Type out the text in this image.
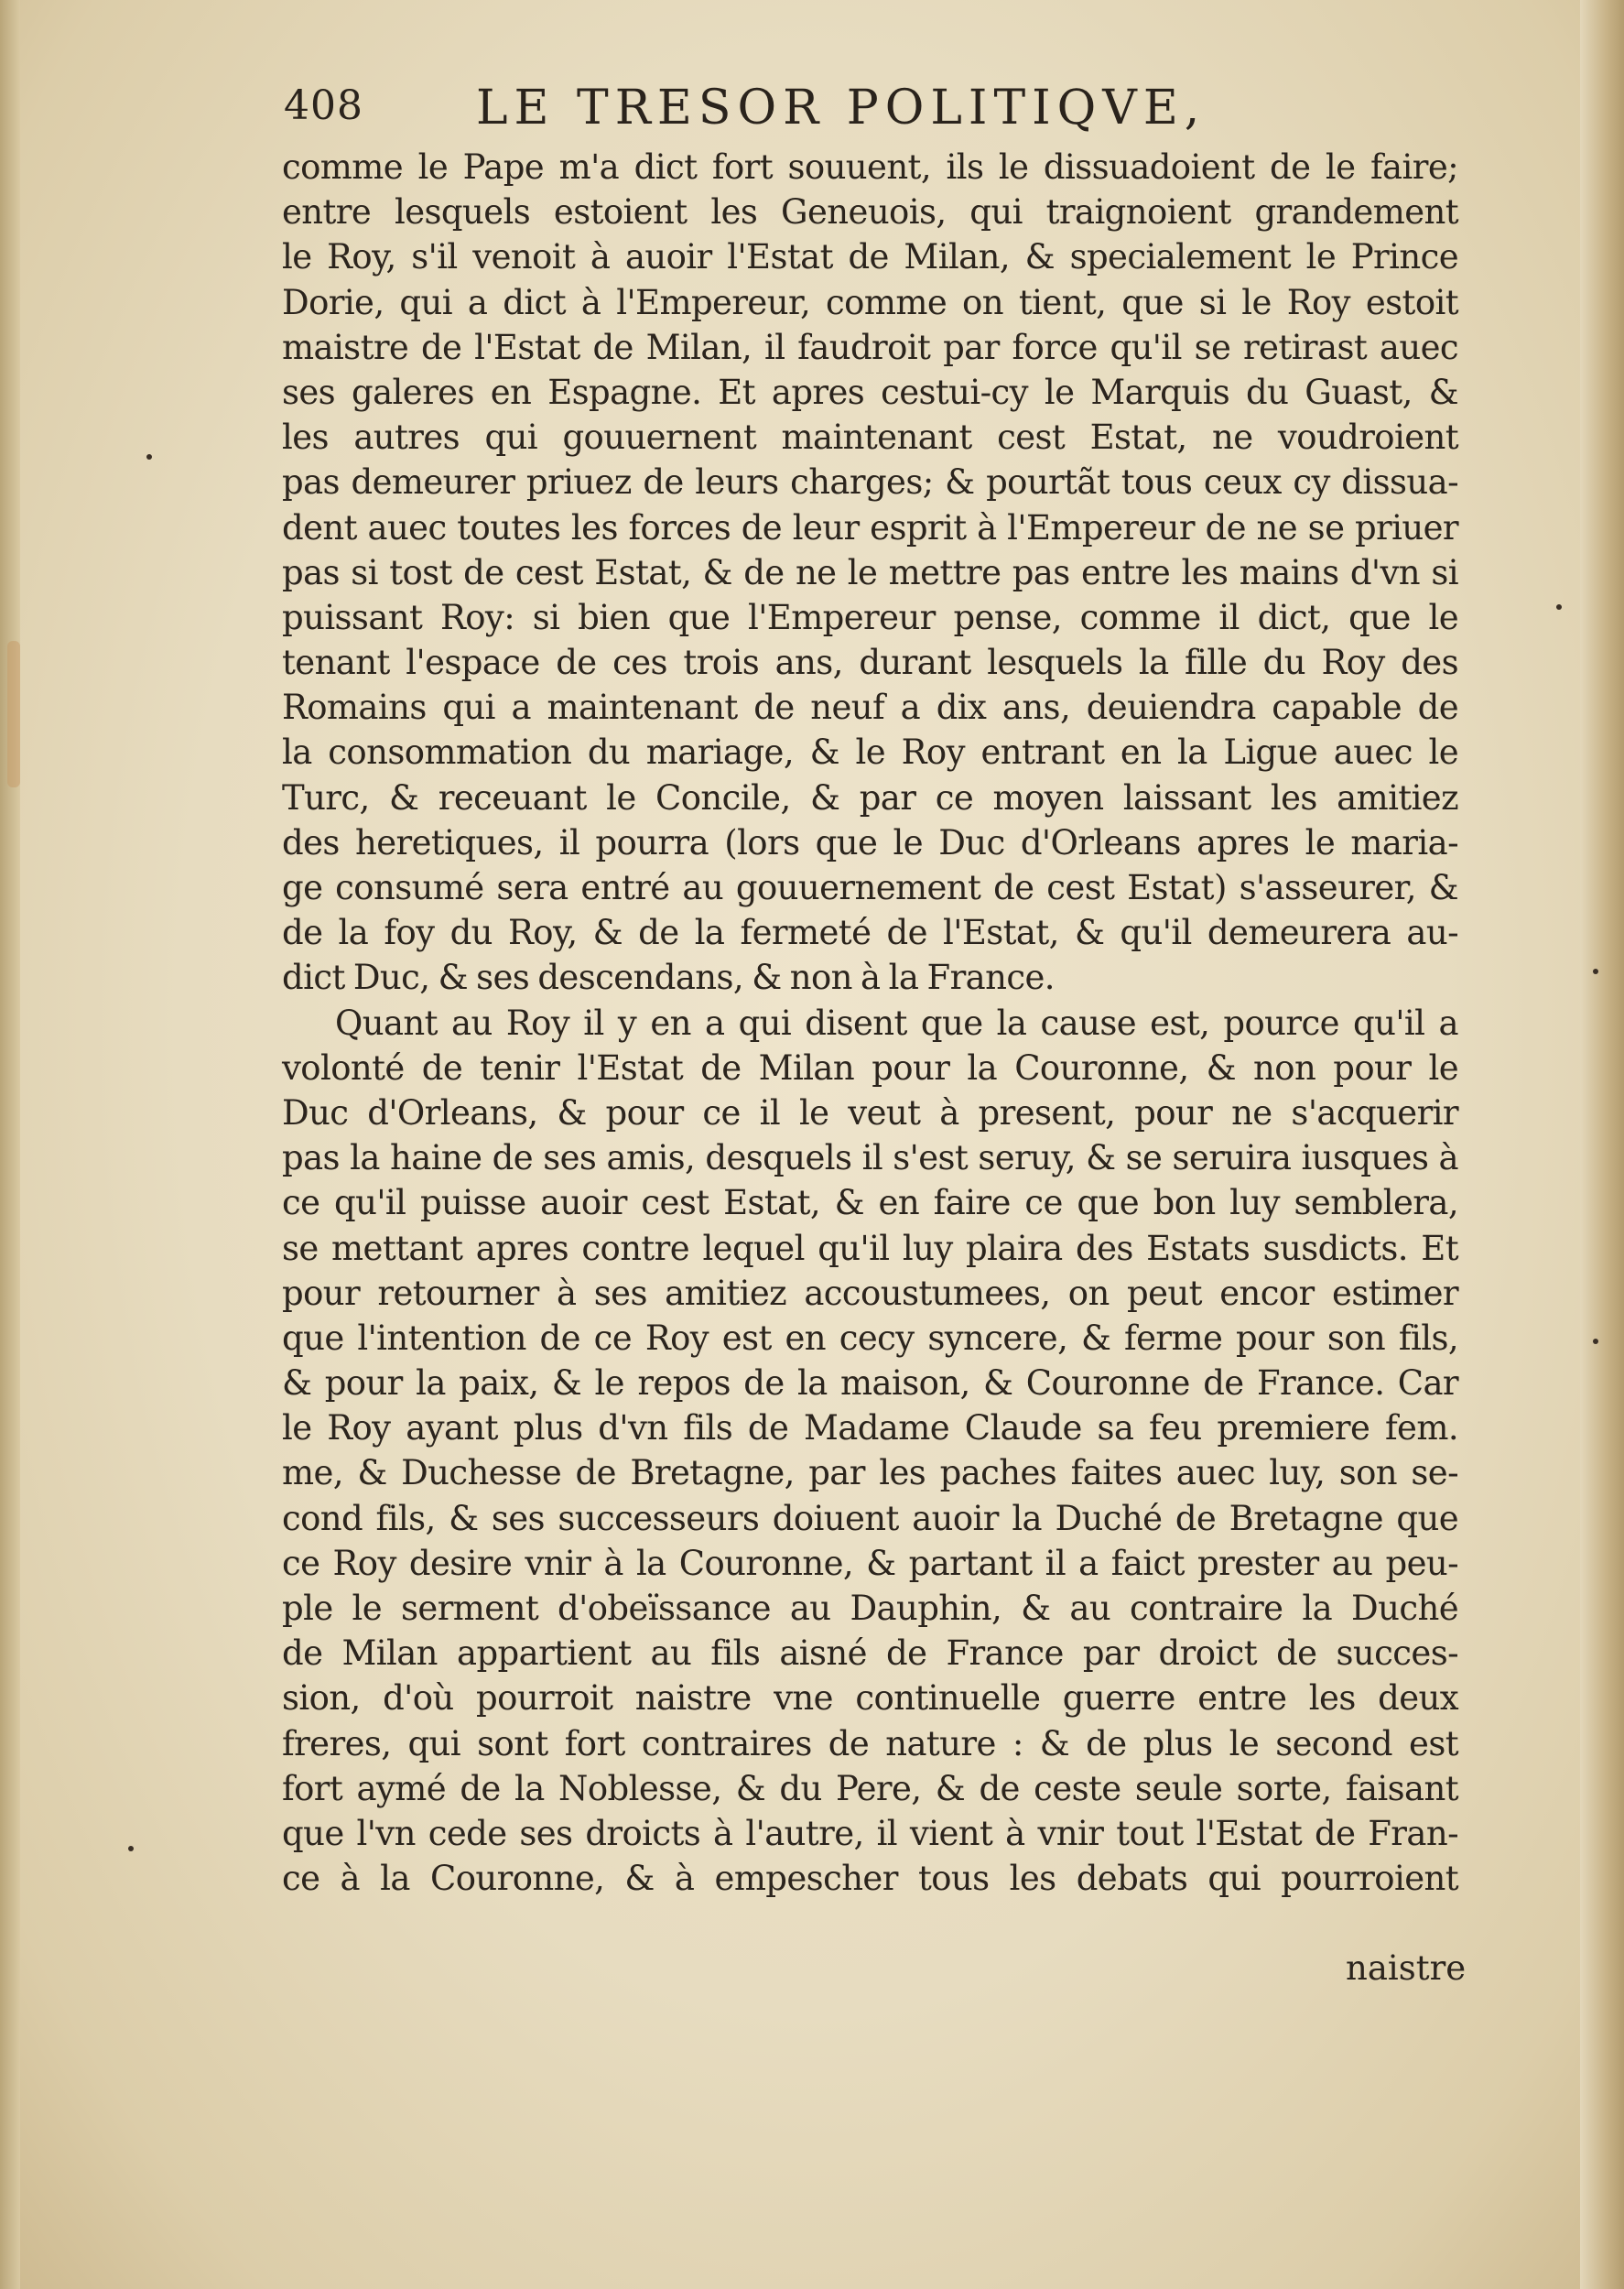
408 LE TRESOR POLITIQVE,
comme le Pape m'a dict fort souuent, ils le dissuadoient de le faire;
entre lesquels estoient les Geneuois, qui traignoient grandement
le Roy, s'il venoit à auoir l'Estat de Milan, & specialement le Prince
Dorie, qui a dict à l'Empereur, comme on tient, que si le Roy estoit
maistre de l'Estat de Milan, il faudroit par force qu'il se retirast auec
ses galeres en Espagne. Et apres cestui-cy le Marquis du Guast, &
les autres qui gouuernent maintenant cest Estat, ne voudroient
pas demeurer priuez de leurs charges; & pourtãt tous ceux cy dissua-
dent auec toutes les forces de leur esprit à l'Empereur de ne se priuer
pas si tost de cest Estat, & de ne le mettre pas entre les mains d'vn si
puissant Roy: si bien que l'Empereur pense, comme il dict, que le
tenant l'espace de ces trois ans, durant lesquels la fille du Roy des
Romains qui a maintenant de neuf a dix ans, deuiendra capable de
la consommation du mariage, & le Roy entrant en la Ligue auec le
Turc, & receuant le Concile, & par ce moyen laissant les amitiez
des heretiques, il pourra (lors que le Duc d'Orleans apres le maria-
ge consumé sera entré au gouuernement de cest Estat) s'asseurer, &
de la foy du Roy, & de la fermeté de l'Estat, & qu'il demeurera au-
dict Duc, & ses descendans, & non à la France.
Quant au Roy il y en a qui disent que la cause est, pource qu'il a
volonté de tenir l'Estat de Milan pour la Couronne, & non pour le
Duc d'Orleans, & pour ce il le veut à present, pour ne s'acquerir
pas la haine de ses amis, desquels il s'est seruy, & se seruira iusques à
ce qu'il puisse auoir cest Estat, & en faire ce que bon luy semblera,
se mettant apres contre lequel qu'il luy plaira des Estats susdicts. Et
pour retourner à ses amitiez accoustumees, on peut encor estimer
que l'intention de ce Roy est en cecy syncere, & ferme pour son fils,
& pour la paix, & le repos de la maison, & Couronne de France. Car
le Roy ayant plus d'vn fils de Madame Claude sa feu premiere fem.
me, & Duchesse de Bretagne, par les paches faites auec luy, son se-
cond fils, & ses successeurs doiuent auoir la Duché de Bretagne que
ce Roy desire vnir à la Couronne, & partant il a faict prester au peu-
ple le serment d'obeïssance au Dauphin, & au contraire la Duché
de Milan appartient au fils aisné de France par droict de succes-
sion, d'où pourroit naistre vne continuelle guerre entre les deux
freres, qui sont fort contraires de nature : & de plus le second est
fort aymé de la Noblesse, & du Pere, & de ceste seule sorte, faisant
que l'vn cede ses droicts à l'autre, il vient à vnir tout l'Estat de Fran-
ce à la Couronne, & à empescher tous les debats qui pourroient
naistre
